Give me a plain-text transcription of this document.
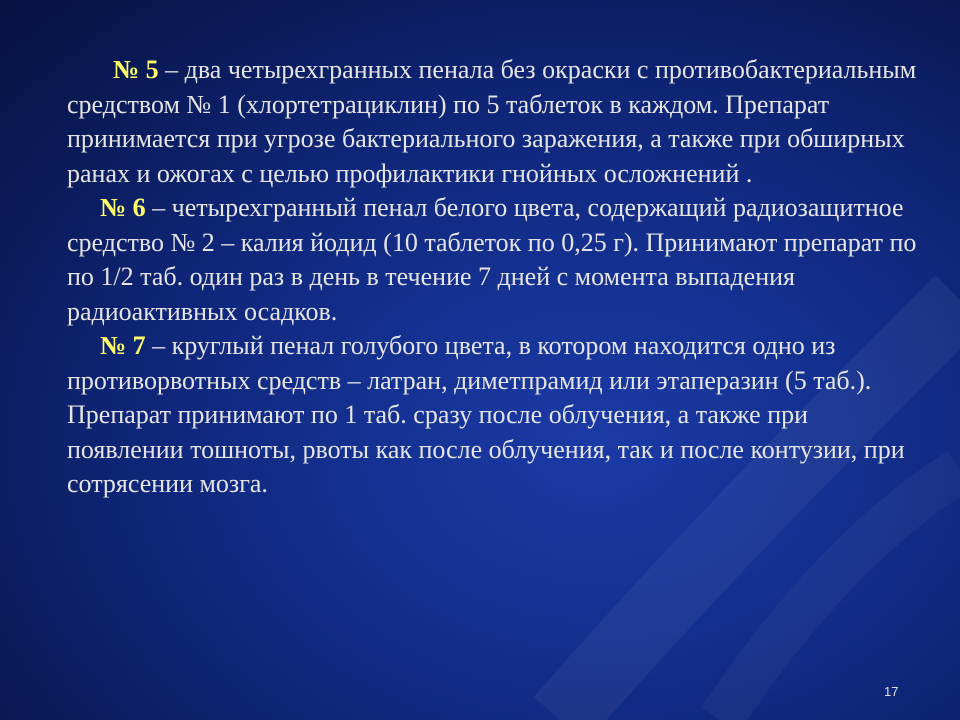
№ 5 – два четырехгранных пенала без окраски с противобактериальным средством № 1 (хлортетрациклин) по 5 таблеток в каждом. Препарат принимается при угрозе бактериального заражения, а также при обширных ранах и ожогах с целью профилактики гнойных осложнений .

№ 6 – четырехгранный пенал белого цвета, содержащий радиозащитное средство № 2 – калия йодид (10 таблеток по 0,25 г). Принимают препарат по по 1/2 таб. один раз в день в течение 7 дней с момента выпадения радиоактивных осадков.

№ 7 – круглый пенал голубого цвета, в котором находится одно из противорвотных средств – латран, диметпрамид или этаперазин (5 таб.). Препарат принимают по 1 таб. сразу после облучения, а также при появлении тошноты, рвоты как после облучения, так и после контузии, при сотрясении мозга.

17
